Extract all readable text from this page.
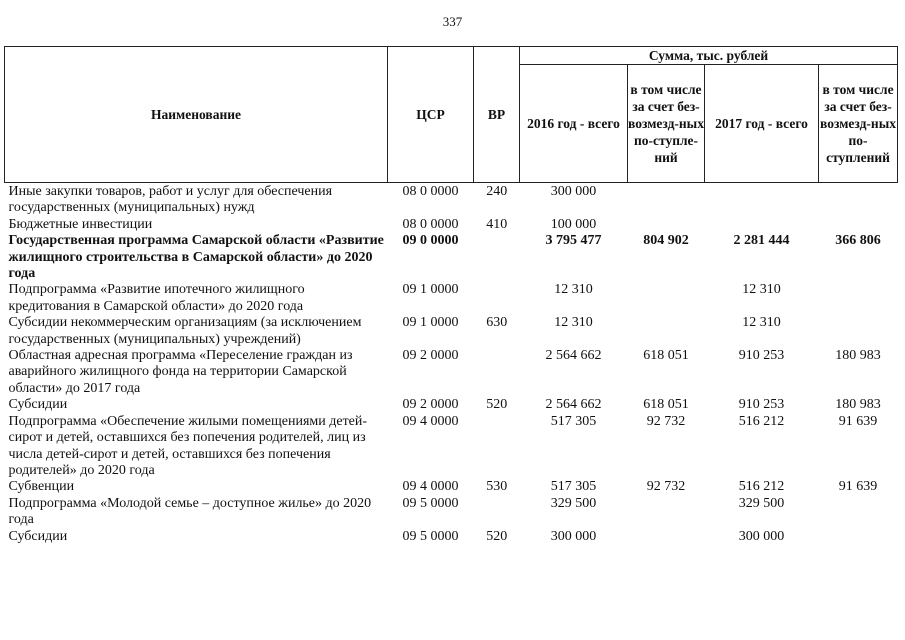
337
Наименование	ЦСР	ВР	Сумма, тыс. рублей			
			2016 год - всего	в том числе за счет без-возмезд-ных по-ступле-ний	2017 год - всего	в том числе за счет без-возмезд-ных по-ступлений
Иные закупки товаров, работ и услуг для обеспечения государственных (муниципальных) нужд	08 0 0000	240	300 000			
Бюджетные инвестиции	08 0 0000	410	100 000			
Государственная программа Самарской области «Развитие жилищного строительства в Самарской области» до 2020 года	09 0 0000		3 795 477	804 902	2 281 444	366 806
Подпрограмма «Развитие ипотечного жилищного кредитования в Самарской области» до 2020 года	09 1 0000		12 310		12 310	
Субсидии некоммерческим организациям (за исключением государственных (муниципальных) учреждений)	09 1 0000	630	12 310		12 310	
Областная адресная программа «Переселение граждан из аварийного жилищного фонда на территории Самарской области» до 2017 года	09 2 0000		2 564 662	618 051	910 253	180 983
Субсидии	09 2 0000	520	2 564 662	618 051	910 253	180 983
Подпрограмма «Обеспечение жилыми помещениями детей-сирот и детей, оставшихся без попечения родителей, лиц из числа детей-сирот и детей, оставшихся без попечения родителей» до 2020 года	09 4 0000		517 305	92 732	516 212	91 639
Субвенции	09 4 0000	530	517 305	92 732	516 212	91 639
Подпрограмма «Молодой семье – доступное жилье» до 2020 года	09 5 0000		329 500		329 500	
Субсидии	09 5 0000	520	300 000		300 000	
